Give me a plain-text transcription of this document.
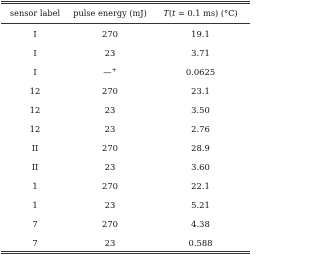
sensor label	pulse energy (mJ)	T(t = 0.1 ms) (°C)
I	270	19.1
I	23	3.71
I	—+	0.0625
12	270	23.1
12	23	3.50
12	23	2.76
II	270	28.9
II	23	3.60
1	270	22.1
1	23	5.21
7	270	4.38
7	23	0.588
